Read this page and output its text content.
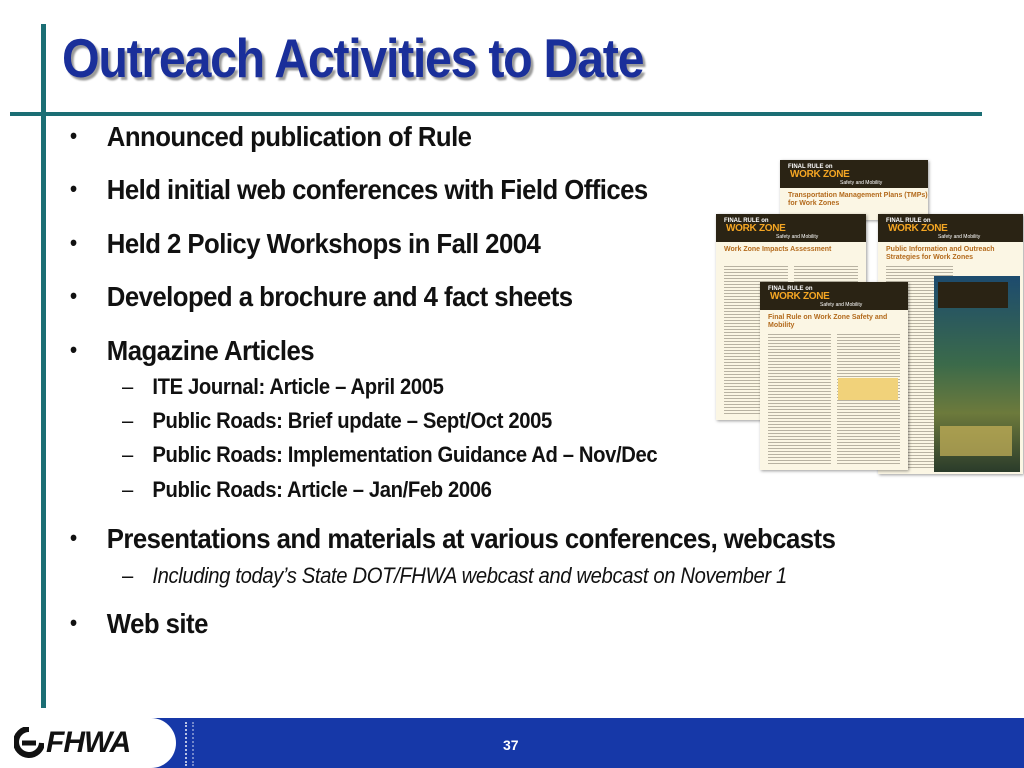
Outreach Activities to Date
• Announced publication of Rule
• Held initial web conferences with Field Offices
• Held 2 Policy Workshops in Fall 2004
• Developed a brochure and 4 fact sheets
• Magazine Articles
– ITE Journal: Article – April 2005
– Public Roads: Brief update – Sept/Oct 2005
– Public Roads: Implementation Guidance Ad – Nov/Dec
– Public Roads: Article – Jan/Feb 2006
• Presentations and materials at various conferences, webcasts
– Including today’s State DOT/FHWA webcast and webcast on November 1
• Web site
FINAL RULE on
WORK ZONE
Safety and Mobility
Transportation Management Plans (TMPs) for Work Zones
FINAL RULE on
WORK ZONE
Safety and Mobility
Work Zone Impacts Assessment
FINAL RULE on
WORK ZONE
Safety and Mobility
Public Information and Outreach Strategies for Work Zones
FINAL RULE on
WORK ZONE
Safety and Mobility
Final Rule on Work Zone Safety and Mobility
FHWA	37
